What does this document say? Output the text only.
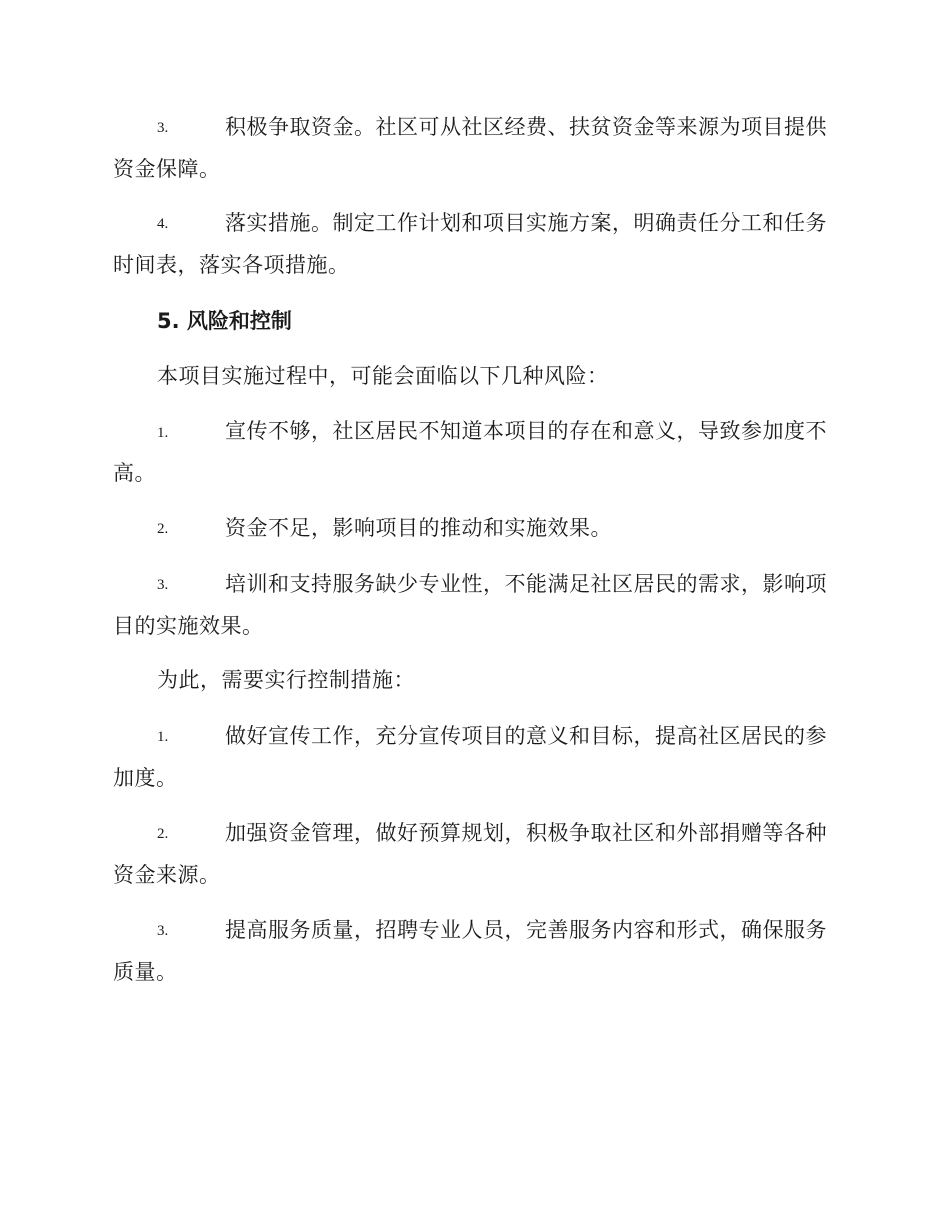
3.	积极争取资金。社区可从社区经费、扶贫资金等来源为项目提供
资金保障。
4.	落实措施。制定工作计划和项目实施方案，明确责任分工和任务
时间表，落实各项措施。
5. 风险和控制
本项目实施过程中，可能会面临以下几种风险：
1.	宣传不够，社区居民不知道本项目的存在和意义，导致参加度不
高。
2.	资金不足，影响项目的推动和实施效果。
3.	培训和支持服务缺少专业性，不能满足社区居民的需求，影响项
目的实施效果。
为此，需要实行控制措施：
1.	做好宣传工作，充分宣传项目的意义和目标，提高社区居民的参
加度。
2.	加强资金管理，做好预算规划，积极争取社区和外部捐赠等各种
资金来源。
3.	提高服务质量，招聘专业人员，完善服务内容和形式，确保服务
质量。
